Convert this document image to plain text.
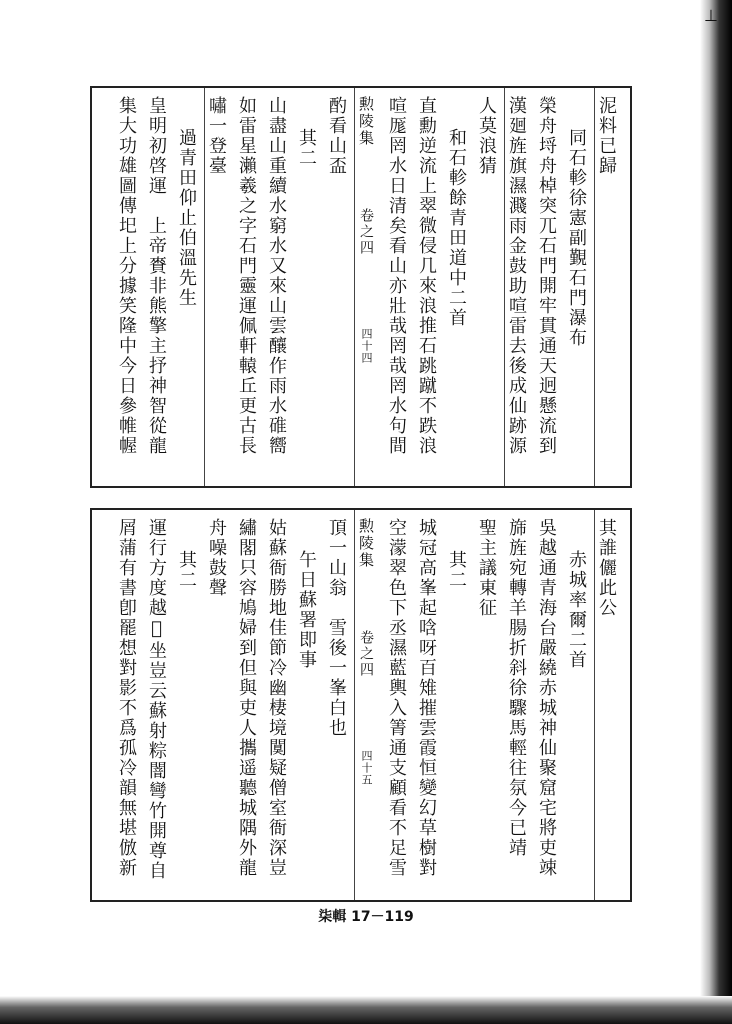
⊥
泥料已歸
同石軫徐憲副覲石門瀑布
榮舟埒舟棹突兀石門開牢貫通天迥懸流到
漢廻旌旗濕濺雨金鼓助喧雷去後成仙跡源
人莫浪猜
和石軫餘青田道中二首
直勳逆流上翠微侵几來浪推石跳蹴不跌浪
喧厖罔水日清矣看山亦壯哉罔哉罔水句間
勲陵集
卷之四
四十四
酌看山盃
其二
山盡山重續水窮水又來山雲釀作雨水碓嚮
如雷星瀨羲之字石門靈運佩軒轅丘更古長
嘯一登臺
過青田仰止伯溫先生
皇明初啓運　上帝賚非熊擎主抒神智從龍
集大功雄圖傳圯上分據笑隆中今日參帷幄
其誰儷此公
赤城率爾二首
吳越通青海台嚴繞赤城神仙聚窟宅將吏竦
旆旌宛轉羊腸折斜徐驟馬輕往氛今已靖
聖主議東征
其二
城冠高峯起唅呀百雉摧雲霞恒變幻草樹對
空濛翠色下丞濕藍輿入箐通支顧看不足雪
勲陵集
卷之四
四十五
頂一山翁　雪後一峯白也
午日蘇署即事
姑蘇衙勝地佳節冷幽棲境闃疑僧室衙深豈
繡閣只容鳩婦到但與吏人攜遥聽城隅外龍
舟噪鼓聲
其二
運行方度越𦁀坐豈云蘇射粽闇彎竹開尊自
屑蒲有書卽罷想對影不爲孤冷韻無堪倣新
柒輯 17－119
